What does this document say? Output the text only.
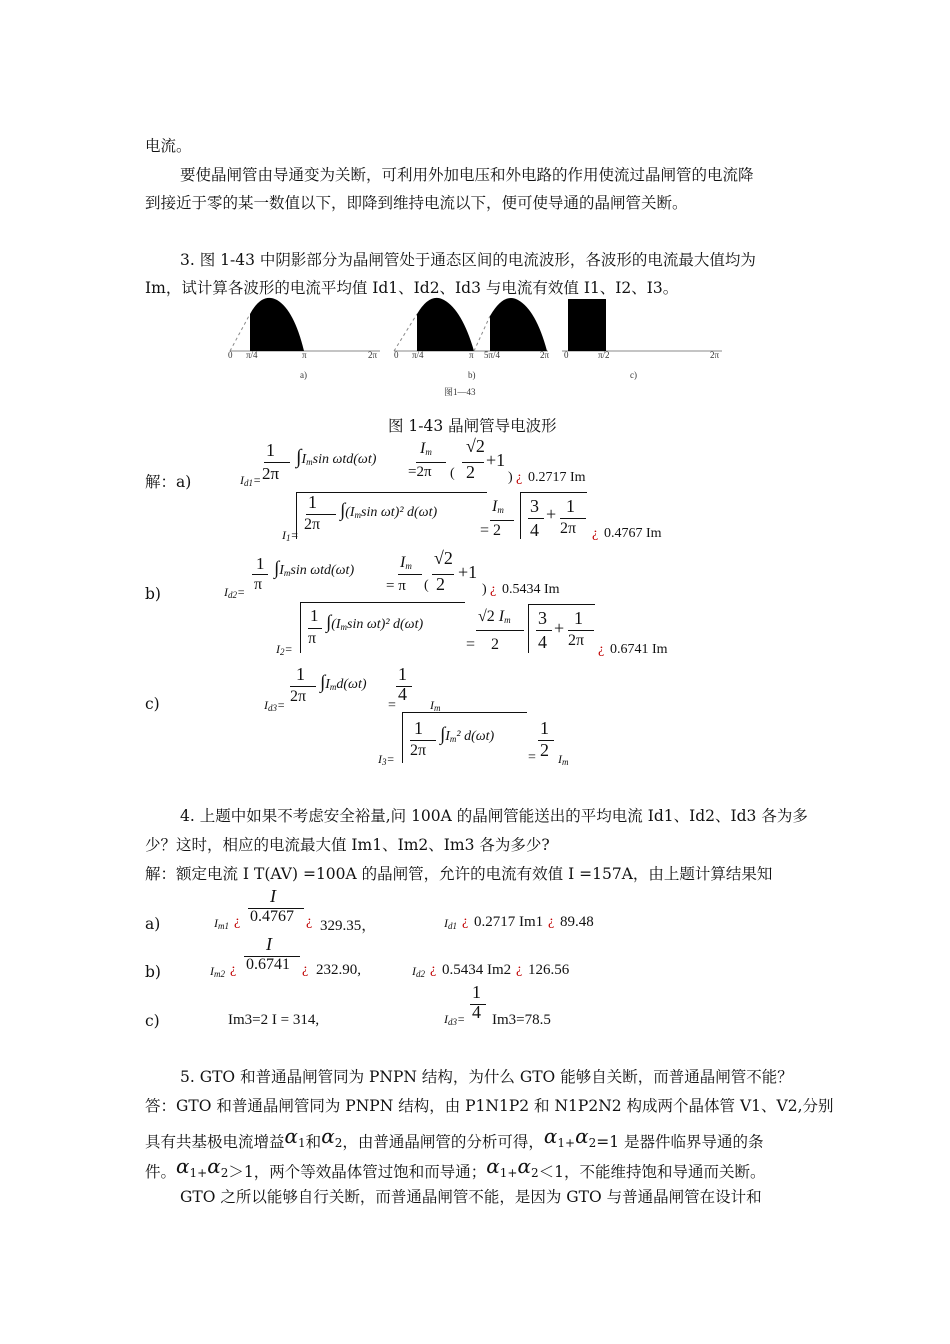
电流。
要使晶闸管由导通变为关断，可利用外加电压和外电路的作用使流过晶闸管的电流降
到接近于零的某一数值以下，即降到维持电流以下，便可使导通的晶闸管关断。
3. 图 1-43 中阴影部分为晶闸管处于通态区间的电流波形，各波形的电流最大值均为
Im，试计算各波形的电流平均值 Id1、Id2、Id3 与电流有效值 I1、I2、I3。
0 π/4	π	2π 0 π/4	π 5π/4	2π 0	π/2	2π
a)	b)	c)
图1—43
图 1-43 晶闸管导电波形
解：a)	$I_{d1}=$
1
2π
$\int I_m\sin$ ωtd(ωt)
$I_m$
=2π (
√2
2
+1
) ¿ 0.2717 Im
$I_1=$
1
2π
$\int(I_m\sin$ ωt)² d(ωt)	$I_m$
= 2
3
4
+ 1
2π ¿ 0.4767 Im
b)	$I_{d2}=$
1
π
$\int I_m\sin$ ωtd(ωt)	$I_m$
= π (
√2
2
+1
) ¿ 0.5434 Im
$I_2=$
1
π
$\int(I_m\sin$ ωt)² d(ωt)	√2 $I_m$
=    2
3
4
+ 1
2π
¿ 0.6741 Im
c)	$I_{d3}=$
1
2π
$\int I_md(\omega t)$
=
1
4
$I_m$
$I_3=$
1
2π
$\int I_m^2$ d(ωt)
=
1
2 $I_m$
4. 上题中如果不考虑安全裕量,问 100A 的晶闸管能送出的平均电流 Id1、Id2、Id3 各为多
少？这时，相应的电流最大值 Im1、Im2、Im3 各为多少?
解：额定电流 I T(AV) =100A 的晶闸管，允许的电流有效值 I =157A，由上题计算结果知
a)	$I_{m1}$ ¿
I
0.4767 ¿ 329.35，	$I_{d1}$ ¿ 0.2717 Im1 ¿ 89.48
b)	$I_{m2}$ ¿
I
0.6741 ¿ 232.90,	$I_{d2}$ ¿ 0.5434 Im2 ¿ 126.56
c)	Im3=2 I = 314,	$I_{d3}=$
1
4 Im3=78.5
5. GTO 和普通晶闸管同为 PNPN 结构，为什么 GTO 能够自关断，而普通晶闸管不能？
答：GTO 和普通晶闸管同为 PNPN 结构，由 P1N1P2 和 N1P2N2 构成两个晶体管 V1、V2,分别
具有共基极电流增益α1和α2，由普通晶闸管的分析可得，α1+α2=1 是器件临界导通的条
件。α1+α2＞1，两个等效晶体管过饱和而导通；α1+α2＜1，不能维持饱和导通而关断。
GTO 之所以能够自行关断，而普通晶闸管不能，是因为 GTO 与普通晶闸管在设计和
